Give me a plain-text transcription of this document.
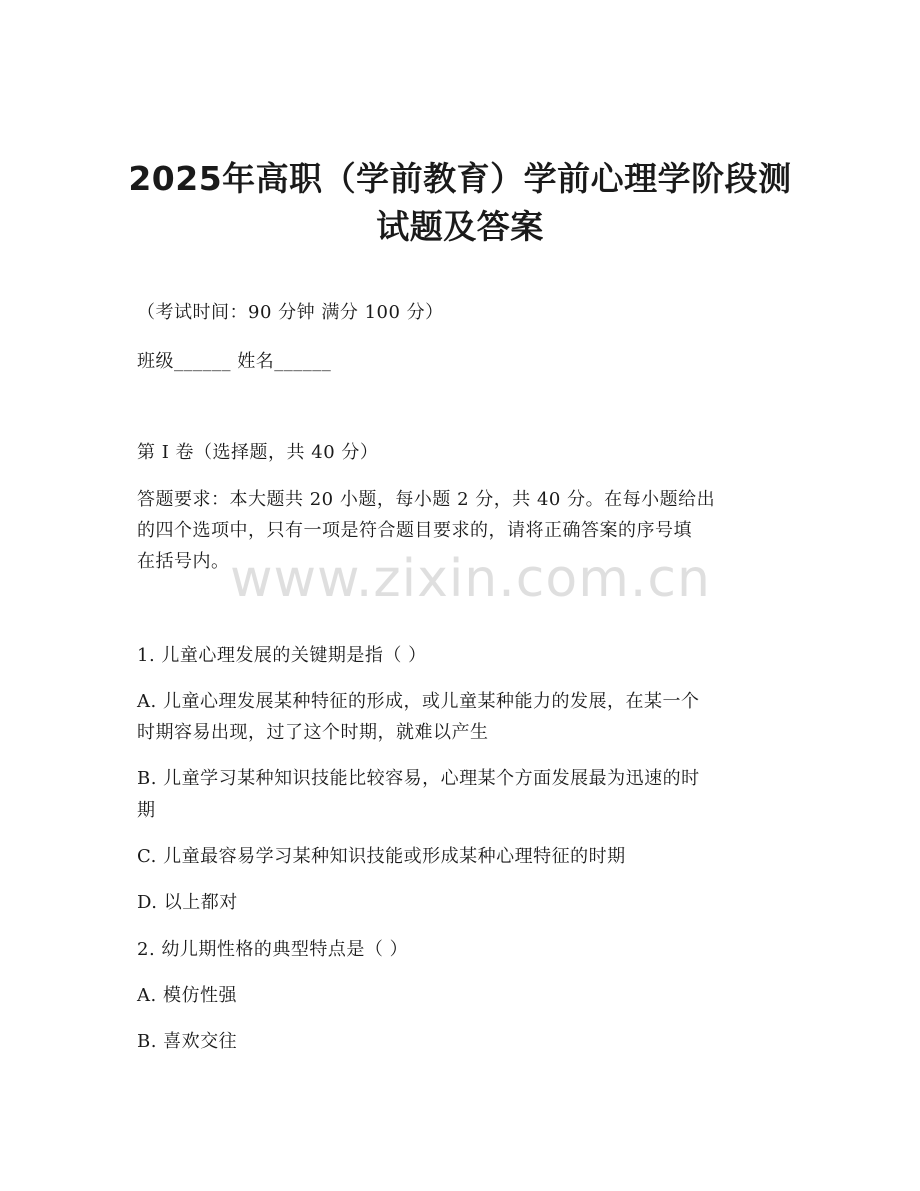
2025年高职（学前教育）学前心理学阶段测
试题及答案
（考试时间：90 分钟 满分 100 分）
班级______ 姓名______
第 I 卷（选择题，共 40 分）
答题要求：本大题共 20 小题，每小题 2 分，共 40 分。在每小题给出
的四个选项中，只有一项是符合题目要求的，请将正确答案的序号填
在括号内。 www.zixin.com.cn
1. 儿童心理发展的关键期是指（ ）
A. 儿童心理发展某种特征的形成，或儿童某种能力的发展，在某一个
时期容易出现，过了这个时期，就难以产生
B. 儿童学习某种知识技能比较容易，心理某个方面发展最为迅速的时
期
C. 儿童最容易学习某种知识技能或形成某种心理特征的时期
D. 以上都对
2. 幼儿期性格的典型特点是（ ）
A. 模仿性强
B. 喜欢交往
